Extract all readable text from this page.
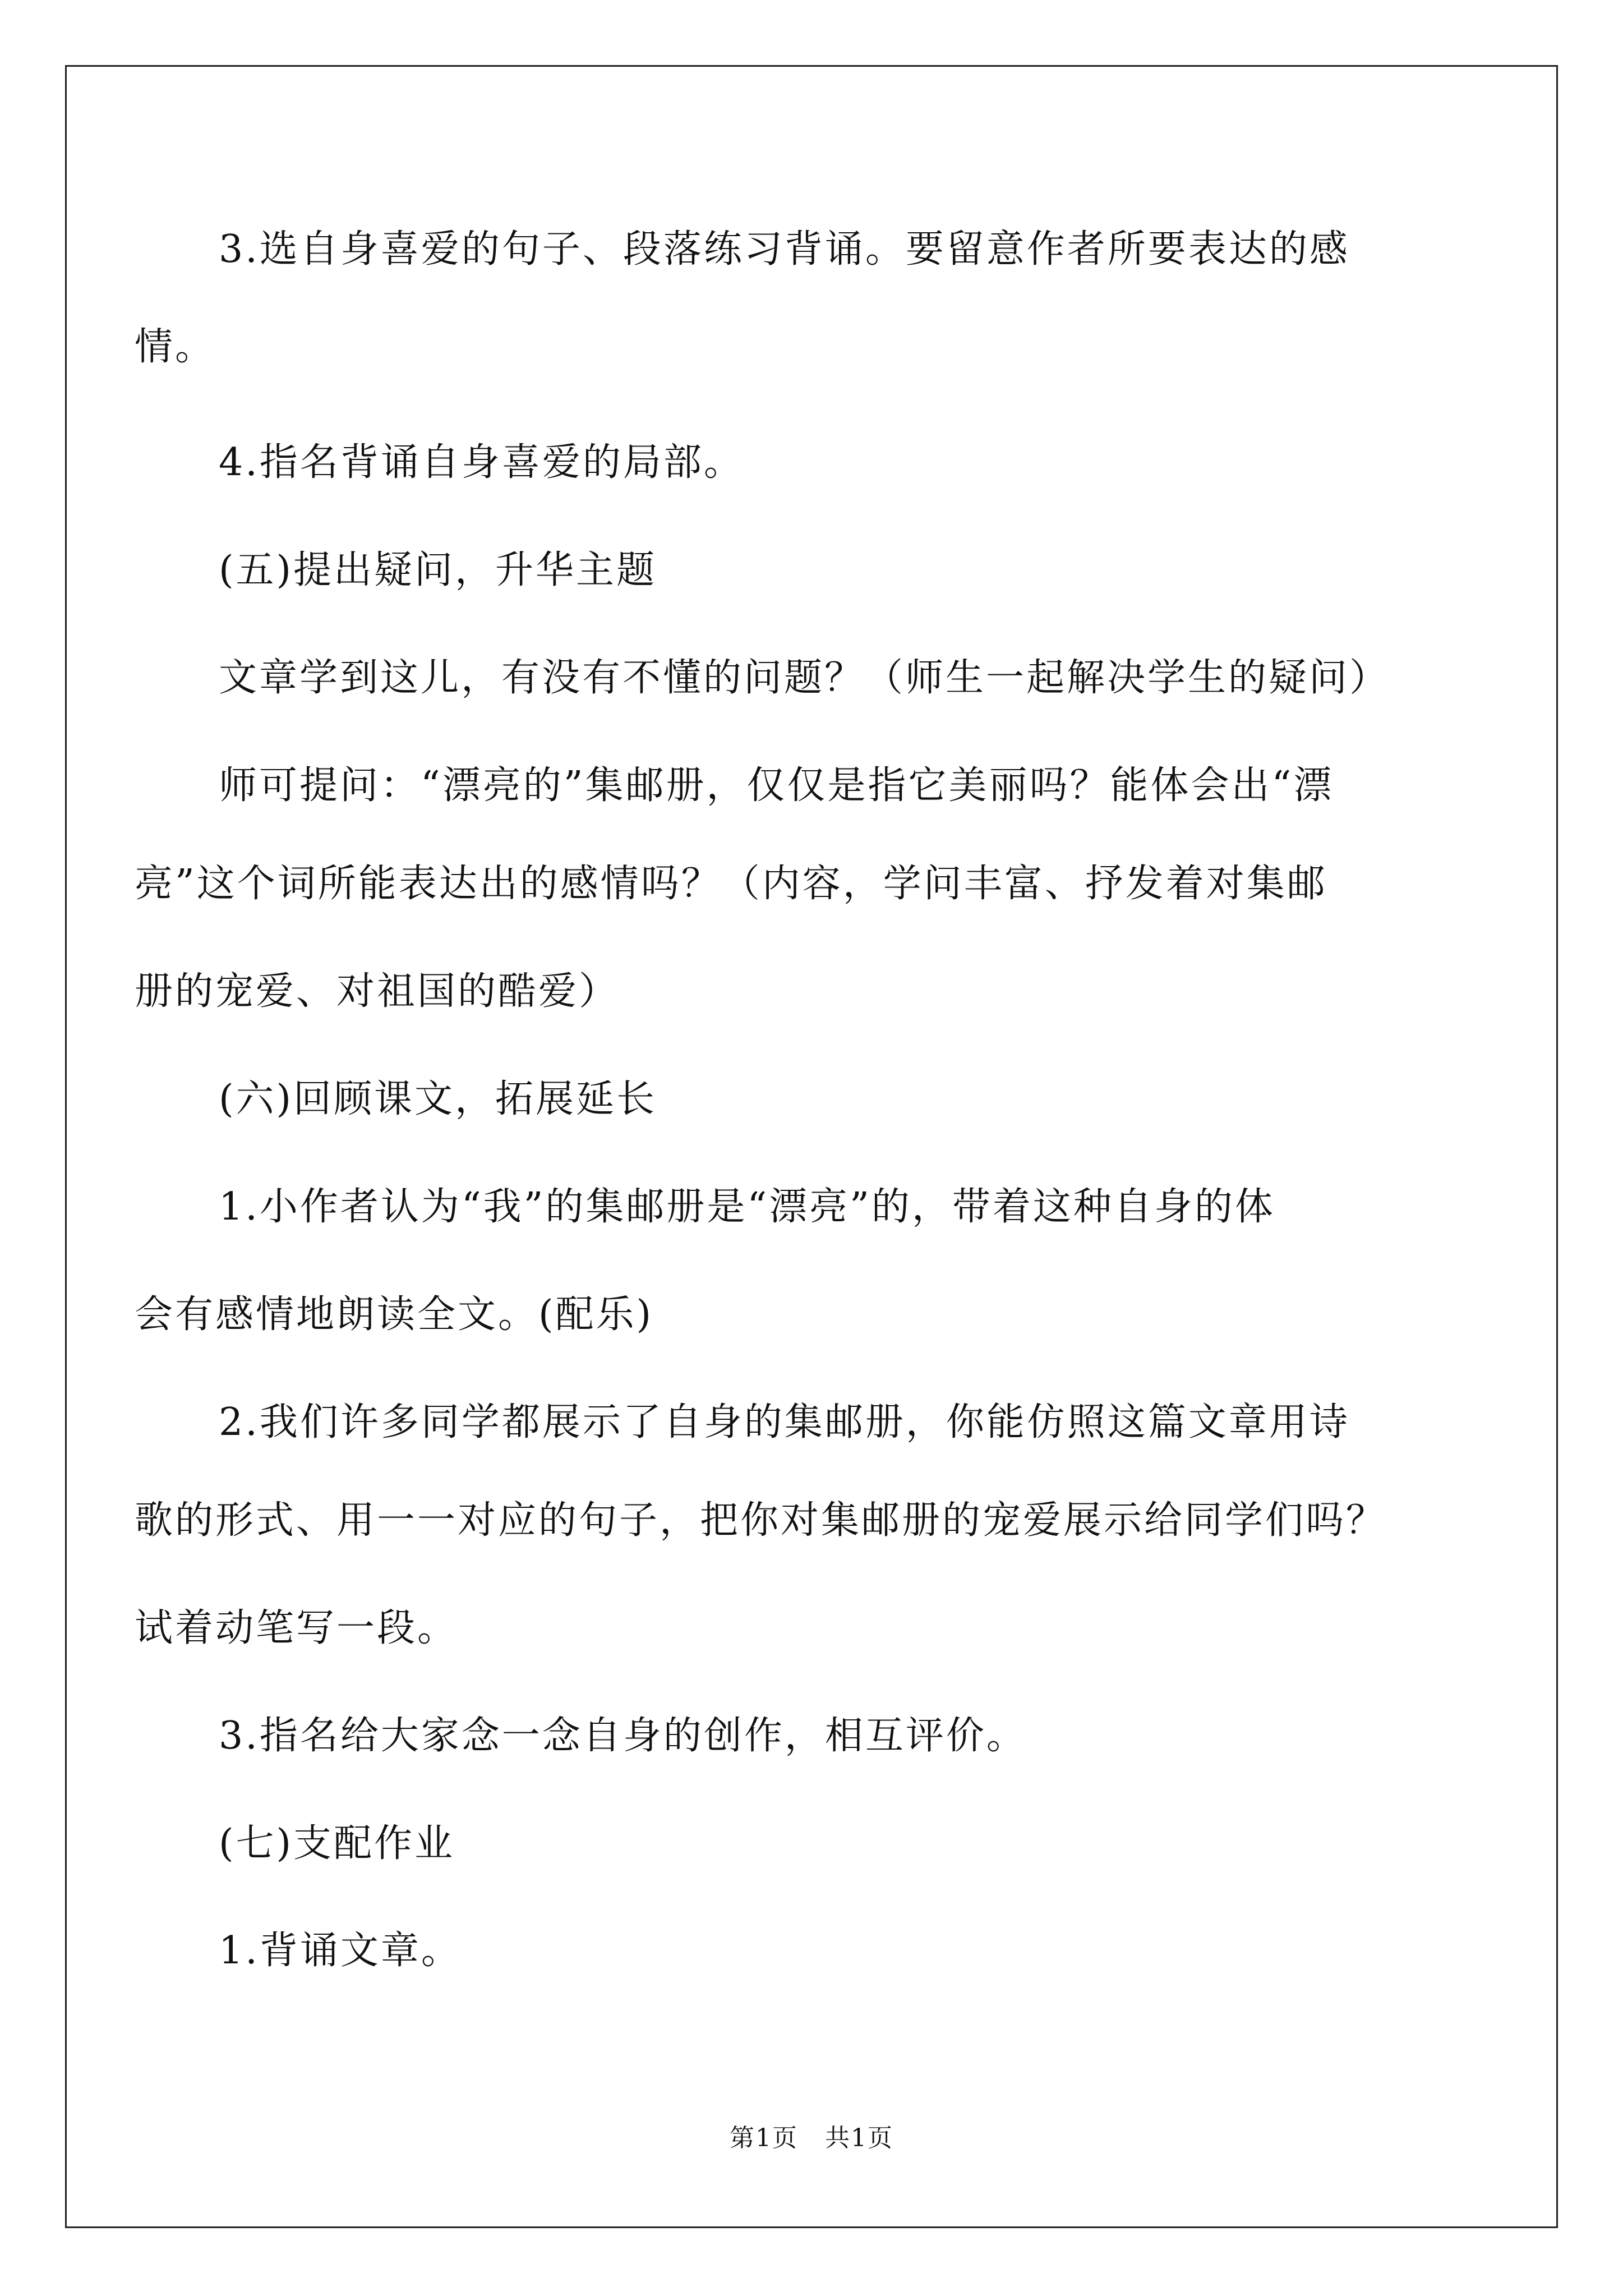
3.选自身喜爱的句子、段落练习背诵。要留意作者所要表达的感
情。
4.指名背诵自身喜爱的局部。
(五)提出疑问，升华主题
文章学到这儿，有没有不懂的问题？（师生一起解决学生的疑问）
师可提问：“漂亮的”集邮册，仅仅是指它美丽吗？能体会出“漂
亮”这个词所能表达出的感情吗？（内容，学问丰富、抒发着对集邮
册的宠爱、对祖国的酷爱）
(六)回顾课文，拓展延长
1.小作者认为“我”的集邮册是“漂亮”的，带着这种自身的体
会有感情地朗读全文。(配乐)
2.我们许多同学都展示了自身的集邮册，你能仿照这篇文章用诗
歌的形式、用一一对应的句子，把你对集邮册的宠爱展示给同学们吗？
试着动笔写一段。
3.指名给大家念一念自身的创作，相互评价。
(七)支配作业
1.背诵文章。
第1页 共1页
